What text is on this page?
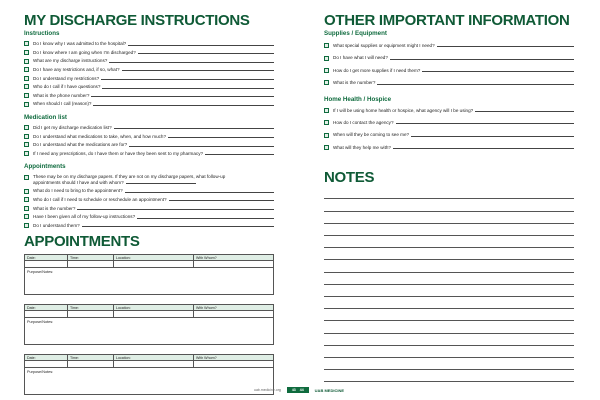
MY DISCHARGE INSTRUCTIONS
Instructions
Do I know why I was admitted to the hospital?
Do I know where I am going when I'm discharged?
What are my discharge instructions?
Do I have any restrictions and, if so, what?
Do I understand my restrictions?
Who do I call if I have questions?
What is the phone number?
When should I call (reason)?
Medication list
Did I get my discharge medication list?
Do I understand what medications to take, when, and how much?
Do I understand what the medications are for?
If I need any prescriptions, do I have them or have they been sent to my pharmacy?
Appointments
These may be on my discharge papers. If they are not on my discharge papers, what follow-up
appointments should I have and with whom?
What do I need to bring to the appointment?
Who do I call if I need to schedule or reschedule an appointment?
What is the number?
Have I been given all of my follow-up instructions?
Do I understand them?
APPOINTMENTS
Date:	Time:	Location:	With Whom?
Purpose/Notes:
Date:	Time:	Location:	With Whom?
Purpose/Notes:
Date:	Time:	Location:	With Whom?
Purpose/Notes:
OTHER IMPORTANT INFORMATION
Supplies / Equipment
What special supplies or equipment might I need?
Do I have what I will need?
How do I get more supplies if I need them?
What is the number?
Home Health / Hospice
If I will be using home health or hospice, what agency will I be using?
How do I contact the agency?
When will they be coming to see me?
What will they help me with?
NOTES
uab.medicine.org	43 44	UAB MEDICINE
